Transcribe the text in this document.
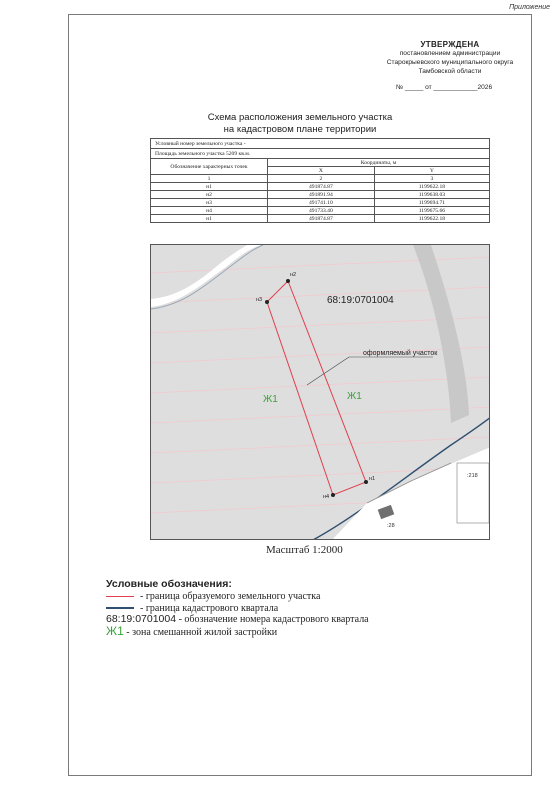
Приложение
УТВЕРЖДЕНА
постановлением администрации
Старокрыевского муниципального округа
Тамбовской области
№ _____ от ____________2026
Схема расположения земельного участка
на кадастровом плане территории
Условный номер земельного участка -		
Площадь земельного участка 5209 кв.м.		
Обозначение характерных точек	Координаты, м	
	X	Y
1	2	3
н1	491874.87	1199622.18
н2	491891.94	1199638.03
н3	491741.10	1199694.71
н4	491733.40	1199675.66
н1	491874.87	1199622.18
н2
н3
н4
н1
68:19:0701004
оформляемый участок
Ж1	Ж1
:218
:28
Масштаб 1:2000
Условные обозначения:
- граница образуемого земельного участка
- граница кадастрового квартала
68:19:0701004 - обозначение номера кадастрового квартала
Ж1 - зона смешанной жилой застройки
